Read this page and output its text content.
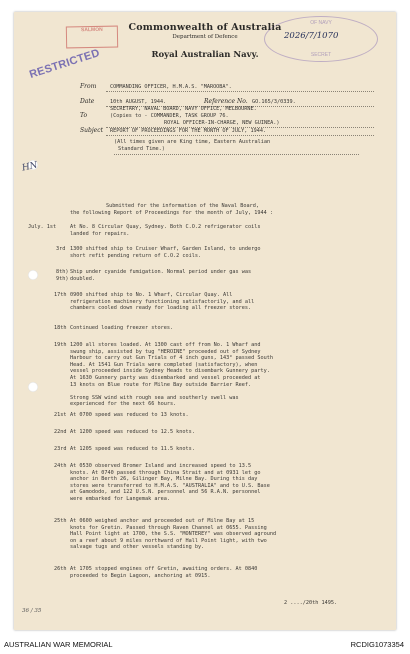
SALMON
OF NAVY
SECRET
2026/7/1070
Commonwealth of Australia
Department of Defence
Royal Australian Navy.
RESTRICTED
From	COMMANDING OFFICER, H.M.A.S. "MAROOBA".
Date	10th AUGUST, 1944.	Reference No. GO.165/3/0339.
SECRETARY, NAVAL BOARD, NAVY OFFICE, MELBOURNE.
To	(Copies to - COMMANDER, TASK GROUP 76.
ROYAL OFFICER-IN-CHARGE, NEW GUINEA.)
Subject REPORT OF PROCEEDINGS FOR THE MONTH OF JULY, 1944.
(All times given are King time, Eastern Australian
Standard Time.)
HN
Submitted for the information of the Naval Board,
the following Report of Proceedings for the month of July, 1944 :
July. 1st	At No. 8 Circular Quay, Sydney. Both C.O.2 refrigerator coils
landed for repairs.
3rd 1300 shifted ship to Cruiser Wharf, Garden Island, to undergo
short refit pending return of C.O.2 coils.
8th)
9th)
Ship under cyanide fumigation. Normal period under gas was
doubled.
17th 0900 shifted ship to No. 1 Wharf, Circular Quay. All
refrigeration machinery functioning satisfactorily, and all
chambers cooled down ready for loading all freezer stores.
18th Continued loading freezer stores.
19th 1200 all stores loaded. At 1300 cast off from No. 1 Wharf and
swung ship, assisted by tug "HEROINE" proceeded out of Sydney
Harbour to carry out Gun Trials of 4 inch guns, 143° passed South
Head. At 1541 Gun Trials were completed (satisfactory), when
vessel proceeded inside Sydney Heads to disembark Gunnery party.
At 1630 Gunnery party was disembarked and vessel proceeded at
13 knots on Blue route for Milne Bay outside Barrier Reef.

Strong SSW wind with rough sea and southerly swell was
experienced for the next 66 hours.
21st At 0700 speed was reduced to 13 knots.
22nd At 1200 speed was reduced to 12.5 knots.
23rd At 1205 speed was reduced to 11.5 knots.
24th At 0530 observed Bromer Island and increased speed to 13.5
knots. At 0740 passed through China Strait and at 0931 let go
anchor in Berth 26, Gilinger Bay, Milne Bay. During this day
stores were transferred to H.M.A.S. "AUSTRALIA" and to U.S. Base
at Gamododo, and 122 U.S.N. personnel and 56 R.A.N. personnel
were embarked for Langemak area.
25th At 0600 weighed anchor and proceeded out of Milne Bay at 15
knots for Gretin. Passed through Raven Channel at 0655. Passing
Hall Point light at 1700, the S.S. "MONTEREY" was observed aground
on a reef about 9 miles northward of Hall Point light, with two
salvage tugs and other vessels standing by.
26th At 1705 stopped engines off Gretin, awaiting orders. At 0840
proceeded to Begin Lagoon, anchoring at 0915.
2 ..../20th 1495.
36 / 35
AUSTRALIAN WAR MEMORIAL	RCDIG1073354
